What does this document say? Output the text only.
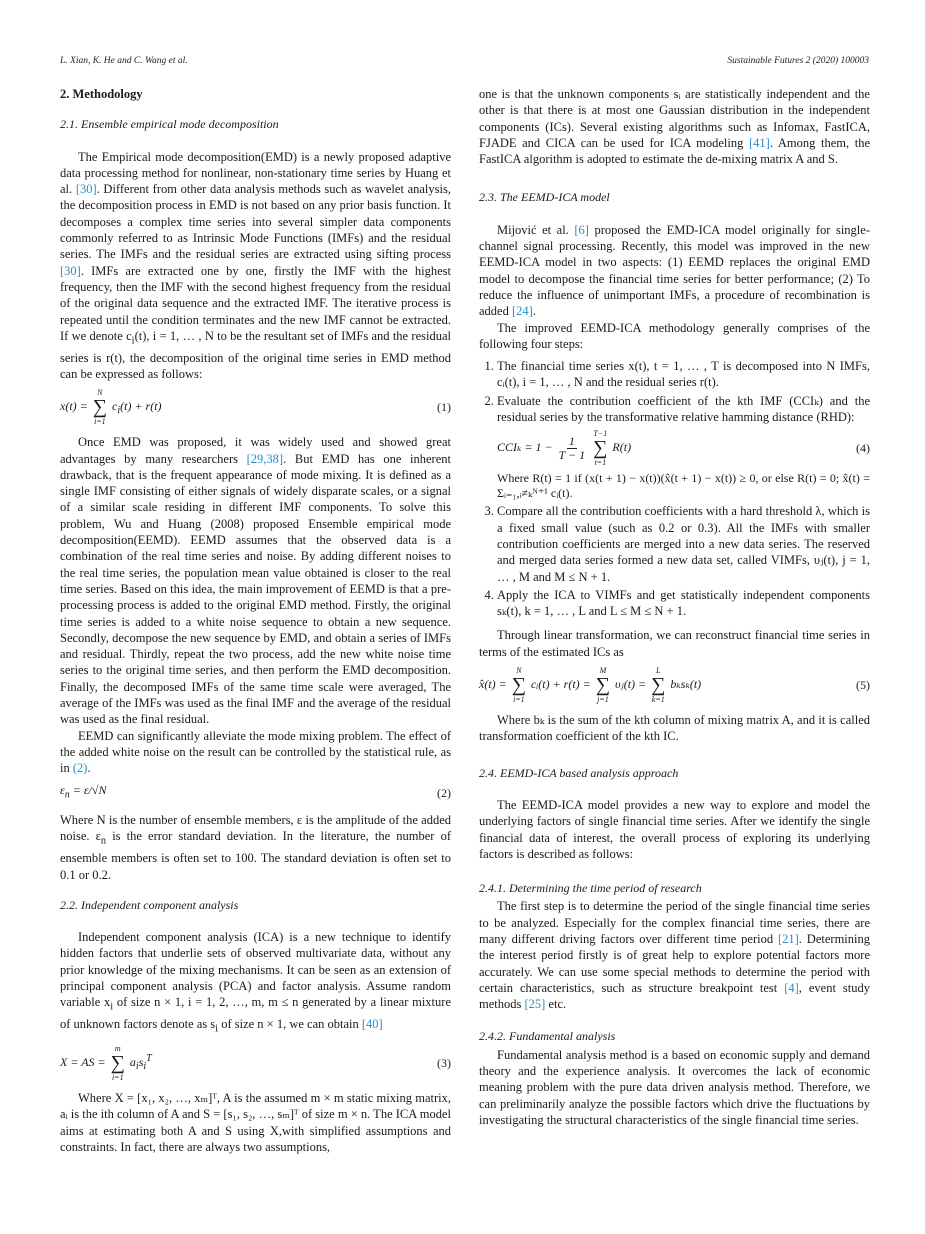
L. Xian, K. He and C. Wang et al.	Sustainable Futures 2 (2020) 100003
2. Methodology
2.1. Ensemble empirical mode decomposition

The Empirical mode decomposition(EMD) is a newly proposed adaptive data processing method for nonlinear, non-stationary time series by Huang et al. [30]. Different from other data analysis methods such as wavelet analysis, the decomposition process in EMD is not based on any prior basis function. It decomposes a complex time series into several simpler data components commonly referred to as Intrinsic Mode Functions (IMFs) and the residual series. The IMFs and the residual series are extracted using sifting process [30]. IMFs are extracted one by one, firstly the IMF with the highest frequency, then the IMF with the second highest frequency from the residual of the original data sequence and the extracted IMF. The iterative process is repeated until the condition terminates and the new IMF cannot be extracted. If we denote $c_i(t)$, i = 1, … , N to be the resultant set of IMFs and the residual series is r(t), the decomposition of the original time series in EMD method can be expressed as follows:

x(t) =
N
∑
i=1
$c_i(t) + r(t)$	(1)

Once EMD was proposed, it was widely used and showed great advantages by many researchers [29,38]. But EMD has one inherent drawback, that is the frequent appearance of mode mixing. It is defined as a single IMF consisting of either signals of widely disparate scales, or a signal of a similar scale residing in different IMF components. To solve this problem, Wu and Huang (2008) proposed Ensemble empirical mode decomposition(EEMD). EEMD assumes that the observed data is a combination of the real time series and noise. By adding different noises to the real time series, the population mean value obtained is closer to the real time series. Based on this idea, the main improvement of EEMD is that a pre-processing process is added to the original EMD method. Firstly, the original time series is added to a white noise sequence to obtain a new sequence. Secondly, decompose the new sequence by EMD, and obtain a series of IMFs and residual. Thirdly, repeat the two process, add the new white noise time series to the original time series, and then perform the EMD decomposition. Finally, the decomposed IMFs of the same time scale were averaged, The average of the IMFs was used as the final IMF and the average of the residual was used as the final residual.

EEMD can significantly alleviate the mode mixing problem. The effect of the added white noise on the result can be controlled by the statistical rule, as in (2).

$\varepsilon_n = \varepsilon/√N$	(2)

Where N is the number of ensemble members, ε is the amplitude of the added noise. $\varepsilon_n$ is the error standard deviation. In the literature, the number of ensemble members is often set to 100. The standard deviation is often set to 0.1 or 0.2.

2.2. Independent component analysis

Independent component analysis (ICA) is a new technique to identify hidden factors that underlie sets of observed multivariate data, without any prior knowledge of the mixing mechanisms. It can be seen as an extension of principal component analysis (PCA) and factor analysis. Assume random variable $x_i$ of size n × 1, i = 1, 2, …, m, m ≤ n generated by a linear mixture of unknown factors denote as $s_i$ of size n × 1, we can obtain [40]

X = AS =
m
∑
i=1
$a_is_i^T$	(3)

Where X = [x₁, x₂, …, xₘ]ᵀ, A is the assumed m × m static mixing matrix, aᵢ is the ith column of A and S = [s₁, s₂, …, sₘ]ᵀ of size m × n. The ICA model aims at estimating both A and S using X,with simplified assumptions and constraints. In fact, there are always two assumptions,

one is that the unknown components sᵢ are statistically independent and the other is that there is at most one Gaussian distribution in the independent components (ICs). Several existing algorithms such as Infomax, FastICA, FJADE and CICA can be used for ICA modeling [41]. Among them, the FastICA algorithm is adopted to estimate the de-mixing matrix A and S.

2.3. The EEMD-ICA model

Mijović et al. [6] proposed the EMD-ICA model originally for single-channel signal processing. Recently, this model was improved in the new EEMD-ICA model in two aspects: (1) EEMD replaces the original EMD model to decompose the financial time series for better performance; (2) To reduce the influence of unimportant IMFs, a procedure of recombination is added [24].

The improved EEMD-ICA methodology generally comprises of the following four steps:

1. The financial time series x(t), t = 1, … , T is decomposed into N IMFs, cᵢ(t), i = 1, … , N and the residual series r(t).
2. Evaluate the contribution coefficient of the kth IMF (CCIₖ) and the residual series by the transformative relative hamming distance (RHD):
$CCI_k = 1 - \frac{1}{T - 1}$

T−1
∑
t=1
R(t)	(4)
Where R(t) = 1 if (x(t + 1) − x(t))(x̂(t + 1) − x(t)) ≥ 0, or else R(t) = 0; x̂(t) = Σᵢ₌₁,ᵢ≠ₖᴺ⁺¹ cᵢ(t).
3. Compare all the contribution coefficients with a hard threshold λ, which is a fixed small value (such as 0.2 or 0.3). All the IMFs with smaller contribution coefficients are merged into a new data series. The reserved and merged data series formed a new data set, called VIMFs, υⱼ(t), j = 1, … , M and M ≤ N + 1.
4. Apply the ICA to VIMFs and get statistically independent components sₖ(t), k = 1, … , L and L ≤ M ≤ N + 1.

Through linear transformation, we can reconstruct financial time series in terms of the estimated ICs as

x̂(t) =
N
∑
i=1
cᵢ(t) + r(t) =
M
∑
j=1
υⱼ(t) =
L
∑
k=1
bₖsₖ(t)	(5)

Where bₖ is the sum of the kth column of mixing matrix A, and it is called transformation coefficient of the kth IC.

2.4. EEMD-ICA based analysis approach

The EEMD-ICA model provides a new way to explore and model the underlying factors of single financial time series. After we identify the single financial data of interest, the overall process of exploring its underlying factors is described as follows:

2.4.1. Determining the time period of research

The first step is to determine the period of the single financial time series to be analyzed. Especially for the complex financial time series, there are many different driving factors over different time period [21]. Determining the interest period firstly is of great help to explore potential factors more accurately. We can use some special methods to determine the period with certain characteristics, such as structure breakpoint test [4], event study methods [25] etc.

2.4.2. Fundamental analysis

Fundamental analysis method is a based on economic supply and demand theory and the experience analysis. It overcomes the lack of economic meaning problem with the pure data driven analysis method. Therefore, we can preliminarily analyze the possible factors which drive the fluctuations by investigating the structural characteristics of the single financial time series.
